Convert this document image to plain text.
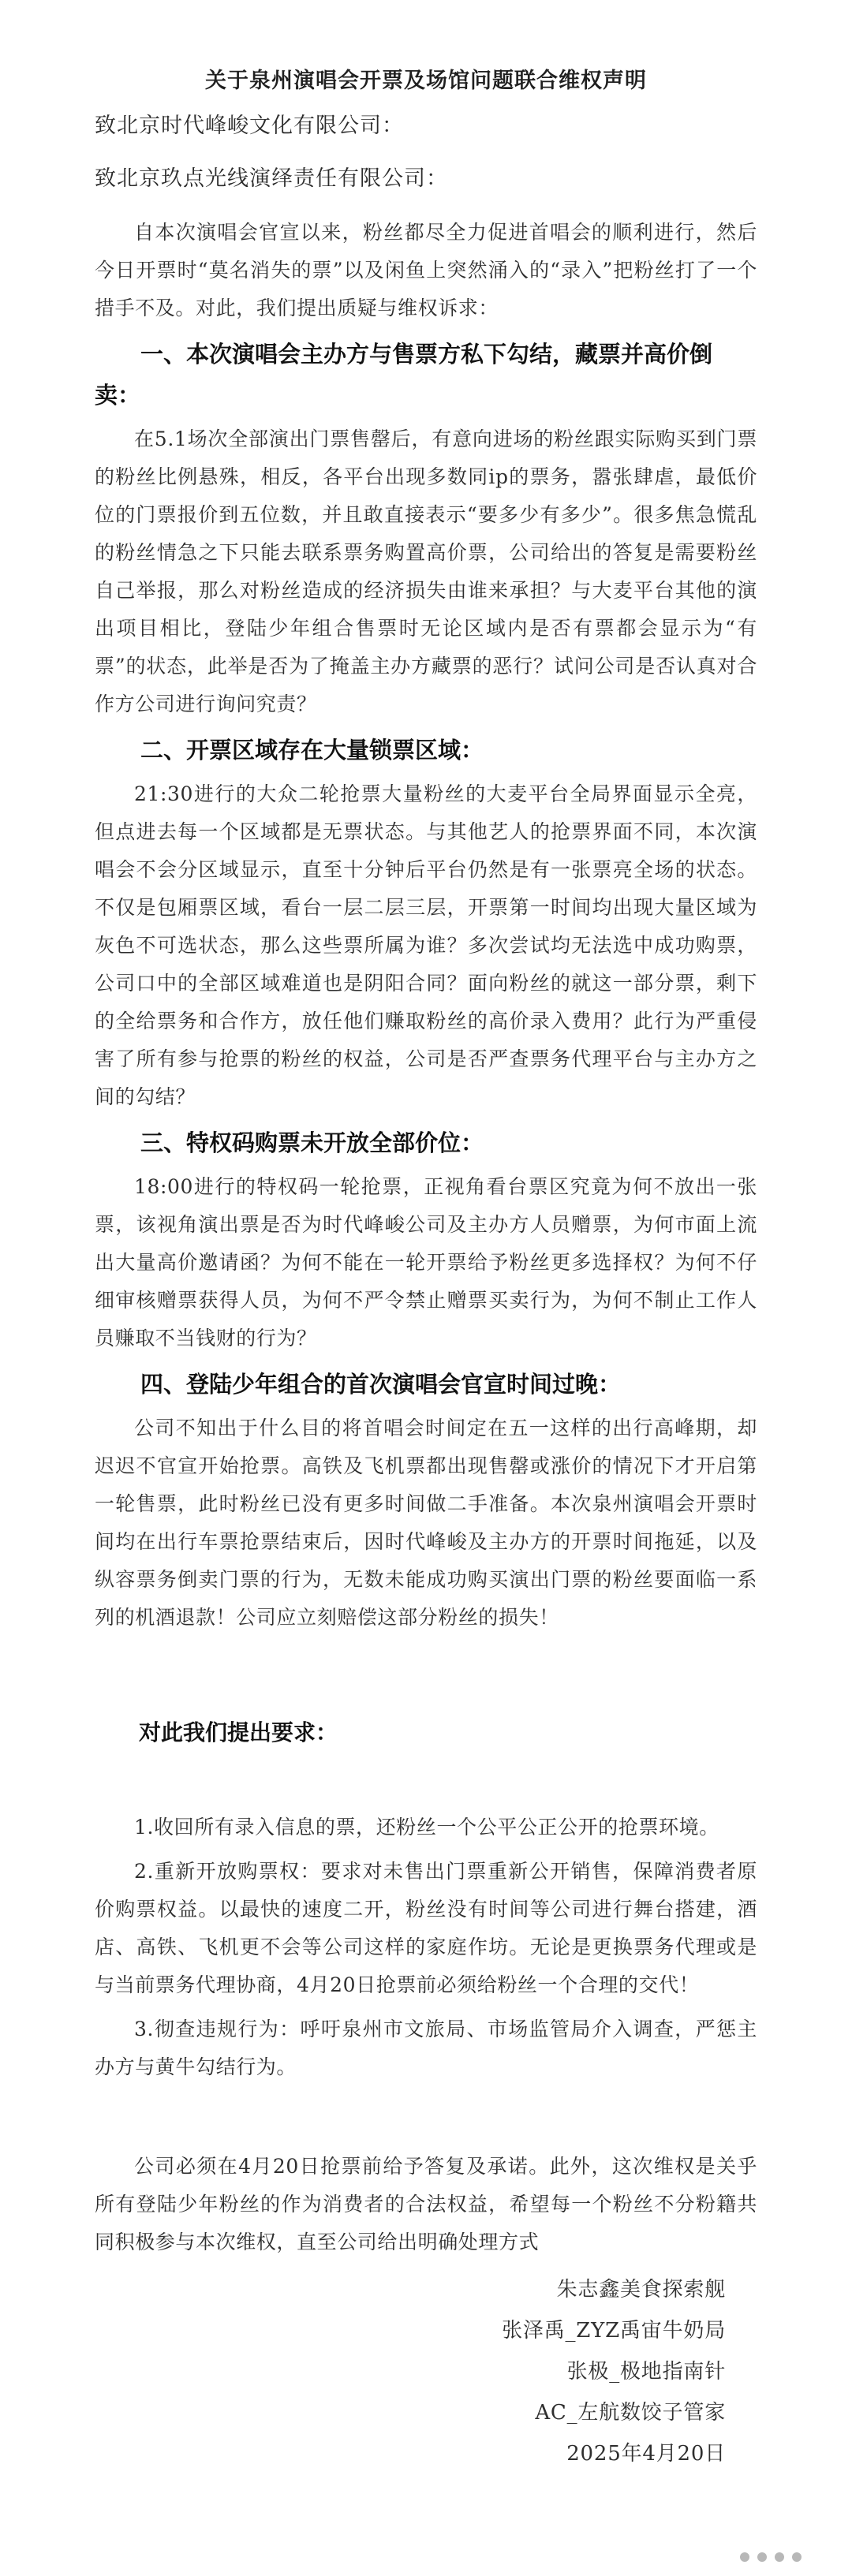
关于泉州演唱会开票及场馆问题联合维权声明

致北京时代峰峻文化有限公司：

致北京玖点光线演绎责任有限公司：

自本次演唱会官宣以来，粉丝都尽全力促进首唱会的顺利进行，然后今日开票时“莫名消失的票”以及闲鱼上突然涌入的“录入”把粉丝打了一个措手不及。对此，我们提出质疑与维权诉求：

一、本次演唱会主办方与售票方私下勾结，藏票并高价倒卖：

在5.1场次全部演出门票售罄后，有意向进场的粉丝跟实际购买到门票的粉丝比例悬殊，相反，各平台出现多数同ip的票务，嚣张肆虐，最低价位的门票报价到五位数，并且敢直接表示“要多少有多少”。很多焦急慌乱的粉丝情急之下只能去联系票务购置高价票，公司给出的答复是需要粉丝自己举报，那么对粉丝造成的经济损失由谁来承担？与大麦平台其他的演出项目相比，登陆少年组合售票时无论区域内是否有票都会显示为“有票”的状态，此举是否为了掩盖主办方藏票的恶行？试问公司是否认真对合作方公司进行询问究责？

二、开票区域存在大量锁票区域：

21:30进行的大众二轮抢票大量粉丝的大麦平台全局界面显示全亮，但点进去每一个区域都是无票状态。与其他艺人的抢票界面不同，本次演唱会不会分区域显示，直至十分钟后平台仍然是有一张票亮全场的状态。不仅是包厢票区域，看台一层二层三层，开票第一时间均出现大量区域为灰色不可选状态，那么这些票所属为谁？多次尝试均无法选中成功购票，公司口中的全部区域难道也是阴阳合同？面向粉丝的就这一部分票，剩下的全给票务和合作方，放任他们赚取粉丝的高价录入费用？此行为严重侵害了所有参与抢票的粉丝的权益，公司是否严查票务代理平台与主办方之间的勾结？

三、特权码购票未开放全部价位：

18:00进行的特权码一轮抢票，正视角看台票区究竟为何不放出一张票，该视角演出票是否为时代峰峻公司及主办方人员赠票，为何市面上流出大量高价邀请函？为何不能在一轮开票给予粉丝更多选择权？为何不仔细审核赠票获得人员，为何不严令禁止赠票买卖行为，为何不制止工作人员赚取不当钱财的行为？

四、登陆少年组合的首次演唱会官宣时间过晚：

公司不知出于什么目的将首唱会时间定在五一这样的出行高峰期，却迟迟不官宣开始抢票。高铁及飞机票都出现售罄或涨价的情况下才开启第一轮售票，此时粉丝已没有更多时间做二手准备。本次泉州演唱会开票时间均在出行车票抢票结束后，因时代峰峻及主办方的开票时间拖延，以及纵容票务倒卖门票的行为，无数未能成功购买演出门票的粉丝要面临一系列的机酒退款！公司应立刻赔偿这部分粉丝的损失！

对此我们提出要求：

1.收回所有录入信息的票，还粉丝一个公平公正公开的抢票环境。

2.重新开放购票权：要求对未售出门票重新公开销售，保障消费者原价购票权益。以最快的速度二开，粉丝没有时间等公司进行舞台搭建，酒店、高铁、飞机更不会等公司这样的家庭作坊。无论是更换票务代理或是与当前票务代理协商，4月20日抢票前必须给粉丝一个合理的交代！

3.彻查违规行为：呼吁泉州市文旅局、市场监管局介入调查，严惩主办方与黄牛勾结行为。

公司必须在4月20日抢票前给予答复及承诺。此外，这次维权是关乎所有登陆少年粉丝的作为消费者的合法权益，希望每一个粉丝不分粉籍共同积极参与本次维权，直至公司给出明确处理方式

朱志鑫美食探索舰
张泽禹_ZYZ禹宙牛奶局
张极_极地指南针
AC_左航数饺子管家
2025年4月20日
